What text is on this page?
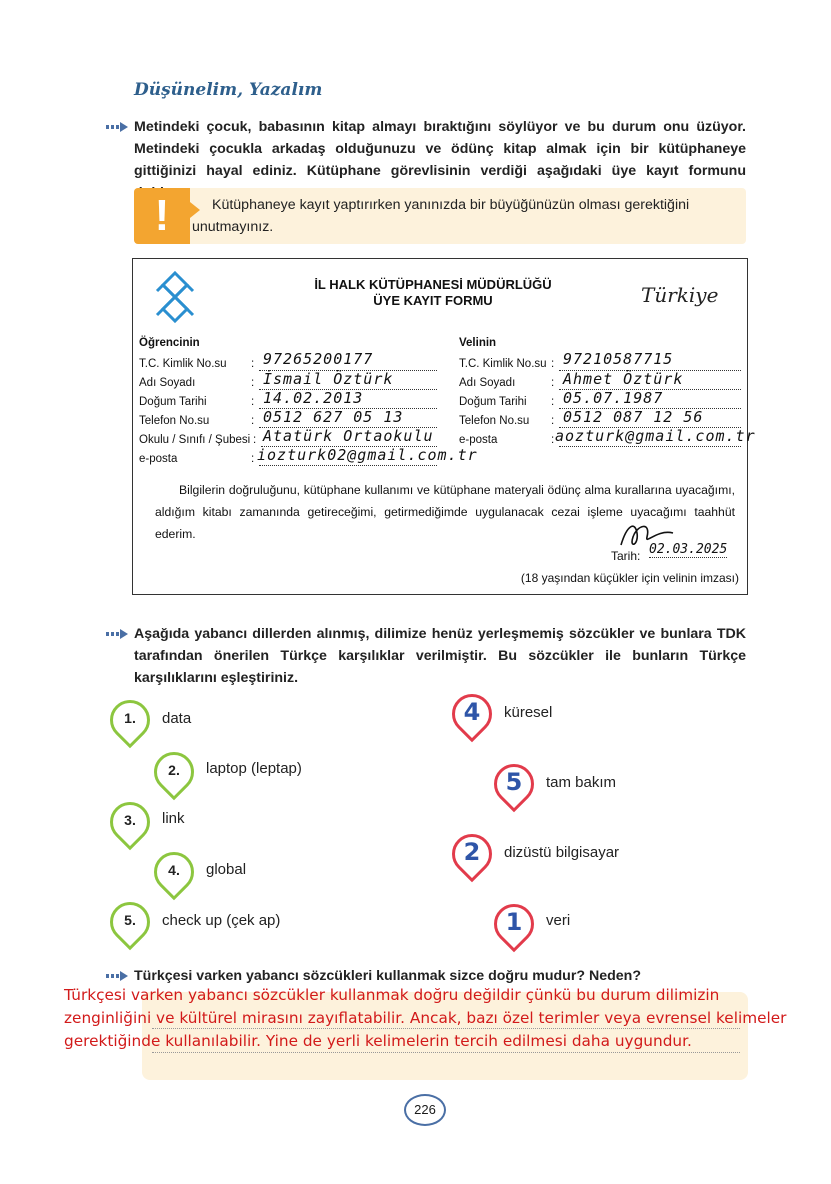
Düşünelim, Yazalım
Metindeki çocuk, babasının kitap almayı bıraktığını söylüyor ve bu durum onu üzüyor. Metindeki çocukla arkadaş olduğunuzu ve ödünç kitap almak için bir kütüphaneye gittiğinizi hayal ediniz. Kütüphane görevlisinin verdiği aşağıdaki üye kayıt formunu
!	Kütüphaneye kayıt yaptırırken yanınızda bir büyüğünüzün olması gerektiğini unutmayınız.
İL HALK KÜTÜPHANESİ MÜDÜRLÜĞÜ
ÜYE KAYIT FORMU	Türkiye
Öğrencinin
T.C. Kimlik No.su : 97265200177
Adı Soyadı	: İsmail Öztürk
Doğum Tarihi	: 14.02.2013
Telefon No.su	: 0512 627 05 13
Okulu / Sınıfı / Şubesi : Atatürk Ortaokulu
e-posta	: iozturk02@gmail.com.tr
Velinin
T.C. Kimlik No.su : 97210587715
Adı Soyadı	: Ahmet Öztürk
Doğum Tarihi : 05.07.1987
Telefon No.su : 0512 087 12 56
e-posta	: aozturk@gmail.com.tr
Bilgilerin doğruluğunu, kütüphane kullanımı ve kütüphane materyali ödünç alma kurallarına uyacağımı, aldığım kitabı zamanında getireceğimi, getirmediğimde uygulanacak cezai işleme uyacağımı taahhüt ederim.
Tarih: 02.03.2025
(18 yaşından küçükler için velinin imzası)
Aşağıda yabancı dillerden alınmış, dilimize henüz yerleşmemiş sözcükler ve bunlara TDK tarafından önerilen Türkçe karşılıklar verilmiştir. Bu sözcükler ile bunların Türkçe karşılıklarını eşleştiriniz.
1.	data
2.	laptop (leptap)
3.	link
4.	global
5.	check up (çek ap)
4	küresel
5	tam bakım
2	dizüstü bilgisayar
1	veri
Türkçesi varken yabancı sözcükleri kullanmak sizce doğru mudur? Neden?
Türkçesi varken yabancı sözcükler kullanmak doğru değildir çünkü bu durum dilimizin zenginliğini ve kültürel mirasını zayıflatabilir. Ancak, bazı özel terimler veya evrensel kelimeler gerektiğinde kullanılabilir. Yine de yerli kelimelerin tercih edilmesi daha uygundur.
226
